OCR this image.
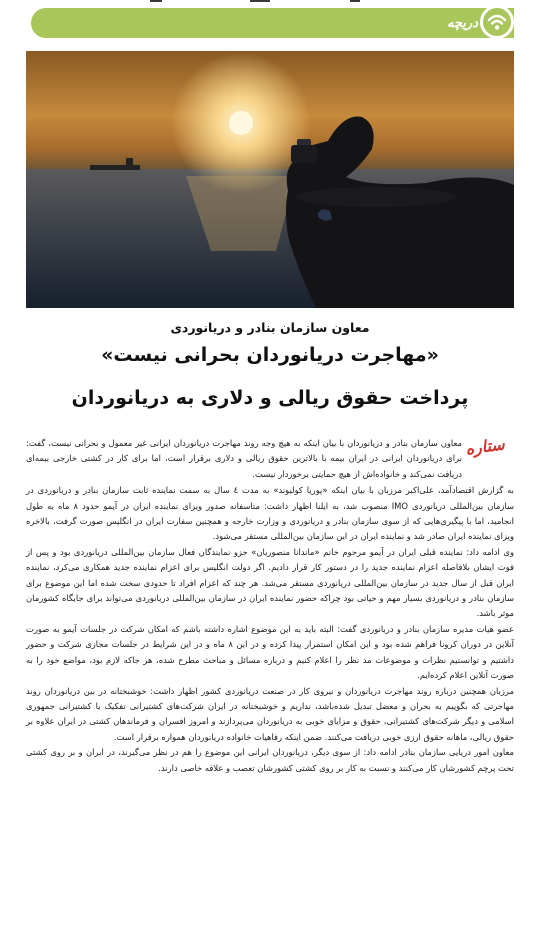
دریچه
معاون سازمان بنادر و دریانوردی
«مهاجرت دریانوردان بحرانی نیست»
پرداخت حقوق ریالی و دلاری به دریانوردان
ستاره

معاون سازمان بنادر و دریانوردان با بیان اینکه به هیچ وجه روند مهاجرت دریانوردان ایرانی غیر معمول و بحرانی نیست، گفت: برای دریانوردان ایرانی در ایران بیمه با بالاترین حقوق ریالی و دلاری برقرار است، اما برای کار در کشتی خارجی بیمه‌ای دریافت نمی‌کند و خانواده‌اش از هیچ حمایتی برخوردار نیست.

به گزارش اقتصادآمد، علی‌اکبر مرزبان با بیان اینکه «پوریا کولیوند» به مدت ٤ سال به سمت نماینده ثابت سازمان بنادر و دریانوردی در سازمان بین‌المللی دریانوردی IMO منصوب شد، به ایلنا اظهار داشت: متاسفانه صدور ویزای نماینده ایران در آیمو حدود ٨ ماه به طول انجامید، اما با پیگیری‌هایی که از سوی سازمان بنادر و دریانوردی و وزارت خارجه و همچنین سفارت ایران در انگلیس صورت گرفت، بالاخره ویزای نماینده ایران صادر شد و نماینده ایران در این سازمان بین‌المللی مستقر می‌شود.

وی ادامه داد: نماینده قبلی ایران در آیمو مرحوم خانم «ماندانا منصوریان» جزو نمایندگان فعال سازمان بین‌المللی دریانوردی بود و پس از فوت ایشان بلافاصله اعزام نماینده جدید را در دستور کار قرار دادیم. اگر دولت انگلیس برای اعزام نماینده جدید همکاری می‌کرد، نماینده ایران قبل از سال جدید در سازمان بین‌المللی دریانوردی مستقر می‌شد. هر چند که اعزام افراد تا حدودی سخت شده اما این موضوع برای سازمان بنادر و دریانوردی بسیار مهم و حیاتی بود چراکه حضور نماینده ایران در سازمان بین‌المللی دریانوردی می‌تواند برای جایگاه کشورمان موثر باشد.

عضو هیات مدیره سازمان بنادر و دریانوردی گفت: البته باید به این موضوع اشاره داشته باشم که امکان شرکت در جلسات آیمو به صورت آنلاین در دوران کرونا فراهم شده بود و این امکان استمرار پیدا کرده و در این ٨ ماه و در این شرایط در جلسات مجازی شرکت و حضور داشتیم و توانستیم نظرات و موضوعات مد نظر را اعلام کنیم و درباره مسائل و مباحث مطرح شده، هر جاکه لازم بود، مواضع خود را به صورت آنلاین اعلام کرده‌ایم.

مرزبان همچنین درباره روند مهاجرت دریانوردان و نیروی کار در صنعت دریانوردی کشور اظهار داشت: خوشبختانه در بین دریانوردان روند مهاجرتی که بگوییم به بحران و معضل تبدیل شده‌باشد، نداریم و خوشبختانه در ایران شرکت‌های کشتیرانی تفکیک یا کشتیرانی جمهوری اسلامی و دیگر شرکت‌های کشتیرانی، حقوق و مزایای خوبی به دریانوردان می‌پردازند و امروز افسران و فرماندهان کشتی در ایران علاوه بر حقوق ریالی، ماهانه حقوق ارزی خوبی دریافت می‌کنند. ضمن اینکه رفاهیات خانواده دریانوردان همواره برقرار است.

معاون امور دریایی سازمان بنادر ادامه داد: از سوی دیگر، دریانوردان ایرانی این موضوع را هم در نظر می‌گیرند، در ایران و بر روی کشتی تحت پرچم کشورشان کار می‌کنند و نسبت به کار بر روی کشتی کشورشان تعصب و علاقه خاصی دارند.
